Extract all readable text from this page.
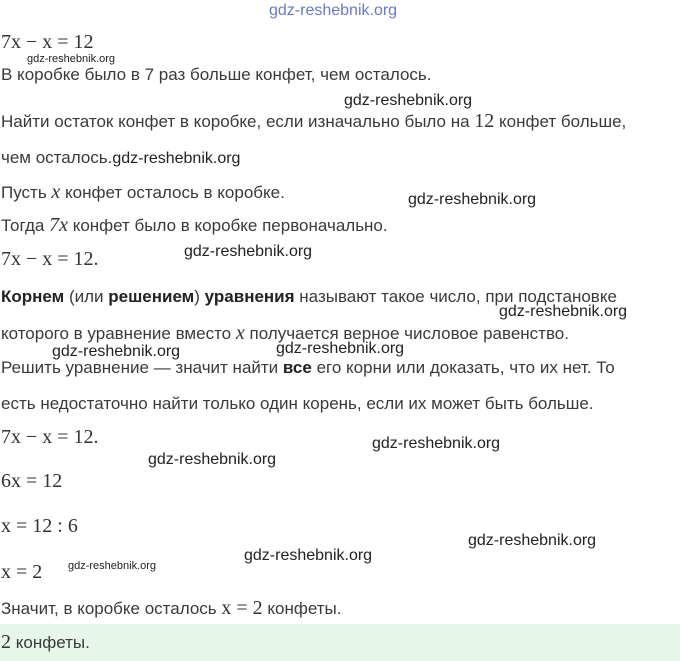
gdz-reshebnik.org
7x − x = 12
gdz-reshebnik.org
В коробке было в 7 раз больше конфет, чем осталось.
gdz-reshebnik.org
Найти остаток конфет в коробке, если изначально было на 12 конфет больше,
чем осталось.gdz-reshebnik.org
Пусть x конфет осталось в коробке.	gdz-reshebnik.org
Тогда 7x конфет было в коробке первоначально.
7x − x = 12.	gdz-reshebnik.org
Корнем (или решением) уравнения называют такое число, при подстановке
gdz-reshebnik.org
которого в уравнение вместо x получается верное числовое равенство.
gdz-reshebnik.org	gdz-reshebnik.org
Решить уравнение — значит найти все его корни или доказать, что их нет. То
есть недостаточно найти только один корень, если их может быть больше.
7x − x = 12.	gdz-reshebnik.org
gdz-reshebnik.org
6x = 12
x = 12 : 6
gdz-reshebnik.org
gdz-reshebnik.org
x = 2 gdz-reshebnik.org
Значит, в коробке осталось x = 2 конфеты.
2 конфеты.
